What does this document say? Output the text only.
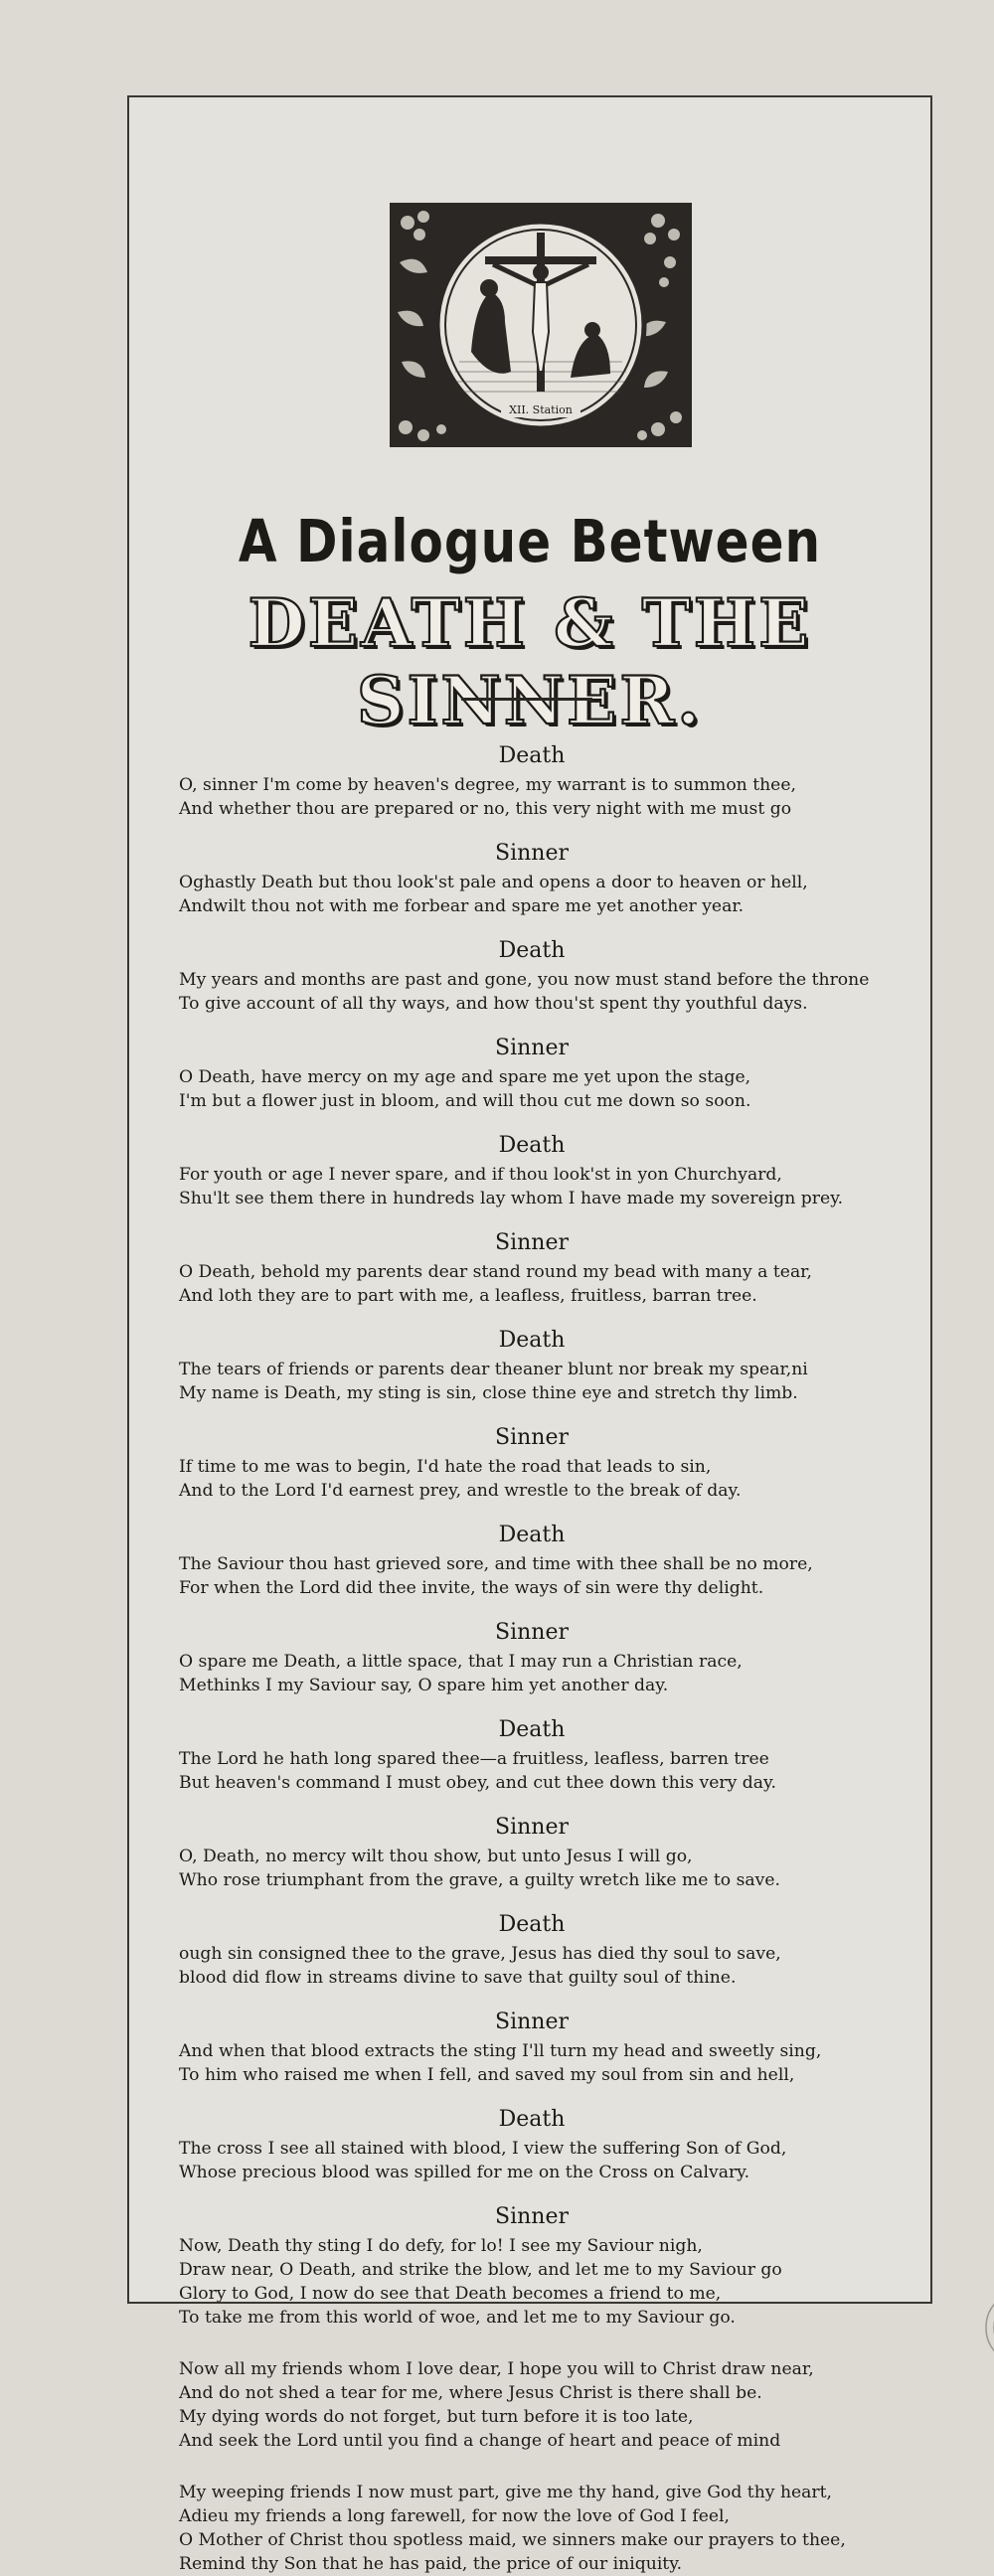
XII. Station
A Dialogue Between
DEATH & THE SINNER.
Death
O, sinner I'm come by heaven's degree, my warrant is to summon thee,
And whether thou are prepared or no, this very night with me must go
Sinner
Oghastly Death but thou look'st pale and opens a door to heaven or hell,
Andwilt thou not with me forbear and spare me yet another year.
Death
My years and months are past and gone, you now must stand before the throne
To give account of all thy ways, and how thou'st spent thy youthful days.
Sinner
O Death, have mercy on my age and spare me yet upon the stage,
I'm but a flower just in bloom, and will thou cut me down so soon.
Death
For youth or age I never spare, and if thou look'st in yon Churchyard,
Shu'lt see them there in hundreds lay whom I have made my sovereign prey.
Sinner
O Death, behold my parents dear stand round my bead with many a tear,
And loth they are to part with me, a leafless, fruitless, barran tree.
Death
The tears of friends or parents dear theaner blunt nor break my spear,ni
My name is Death, my sting is sin, close thine eye and stretch thy limb.
Sinner
If time to me was to begin, I'd hate the road that leads to sin,
And to the Lord I'd earnest prey, and wrestle to the break of day.
Death
The Saviour thou hast grieved sore, and time with thee shall be no more,
For when the Lord did thee invite, the ways of sin were thy delight.
Sinner
O spare me Death, a little space, that I may run a Christian race,
Methinks I my Saviour say, O spare him yet another day.
Death
The Lord he hath long spared thee—a fruitless, leafless, barren tree
But heaven's command I must obey, and cut thee down this very day.
Sinner
O, Death, no mercy wilt thou show, but unto Jesus I will go,
Who rose triumphant from the grave, a guilty wretch like me to save.
Death
ough sin consigned thee to the grave, Jesus has died thy soul to save,
blood did flow in streams divine to save that guilty soul of thine.
Sinner
And when that blood extracts the sting I'll turn my head and sweetly sing,
To him who raised me when I fell, and saved my soul from sin and hell,
Death
The cross I see all stained with blood, I view the suffering Son of God,
Whose precious blood was spilled for me on the Cross on Calvary.
Sinner
Now, Death thy sting I do defy, for lo! I see my Saviour nigh,
Draw near, O Death, and strike the blow, and let me to my Saviour go
Glory to God, I now do see that Death becomes a friend to me,
To take me from this world of woe, and let me to my Saviour go.
Now all my friends whom I love dear, I hope you will to Christ draw near,
And do not shed a tear for me, where Jesus Christ is there shall be.
My dying words do not forget, but turn before it is too late,
And seek the Lord until you find a change of heart and peace of mind
My weeping friends I now must part, give me thy hand, give God thy heart,
Adieu my friends a long farewell, for now the love of God I feel,
O Mother of Christ thou spotless maid, we sinners make our prayers to thee,
Remind thy Son that he has paid, the price of our iniquity.
